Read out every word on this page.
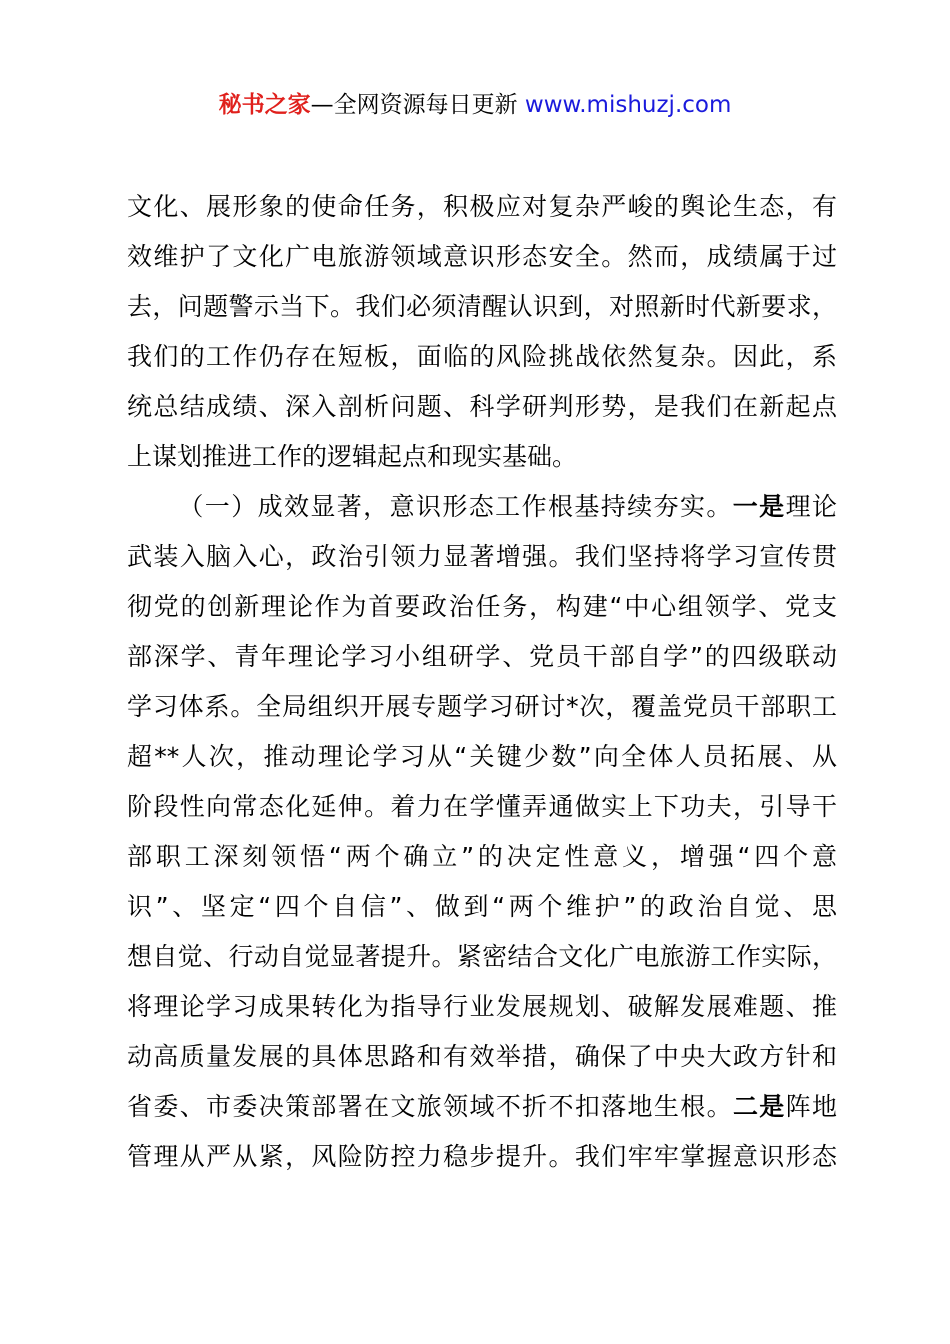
秘书之家—全网资源每日更新 www.mishuzj.com
文化、展形象的使命任务，积极应对复杂严峻的舆论生态，有
效维护了文化广电旅游领域意识形态安全。然而，成绩属于过
去，问题警示当下。我们必须清醒认识到，对照新时代新要求，
我们的工作仍存在短板，面临的风险挑战依然复杂。因此，系
统总结成绩、深入剖析问题、科学研判形势，是我们在新起点
上谋划推进工作的逻辑起点和现实基础。
（一）成效显著，意识形态工作根基持续夯实。一是理论
武装入脑入心，政治引领力显著增强。我们坚持将学习宣传贯
彻党的创新理论作为首要政治任务，构建“中心组领学、党支
部深学、青年理论学习小组研学、党员干部自学”的四级联动
学习体系。全局组织开展专题学习研讨*次，覆盖党员干部职工
超**人次，推动理论学习从“关键少数”向全体人员拓展、从
阶段性向常态化延伸。着力在学懂弄通做实上下功夫，引导干
部职工深刻领悟“两个确立”的决定性意义，增强“四个意
识”、坚定“四个自信”、做到“两个维护”的政治自觉、思
想自觉、行动自觉显著提升。紧密结合文化广电旅游工作实际，
将理论学习成果转化为指导行业发展规划、破解发展难题、推
动高质量发展的具体思路和有效举措，确保了中央大政方针和
省委、市委决策部署在文旅领域不折不扣落地生根。二是阵地
管理从严从紧，风险防控力稳步提升。我们牢牢掌握意识形态
